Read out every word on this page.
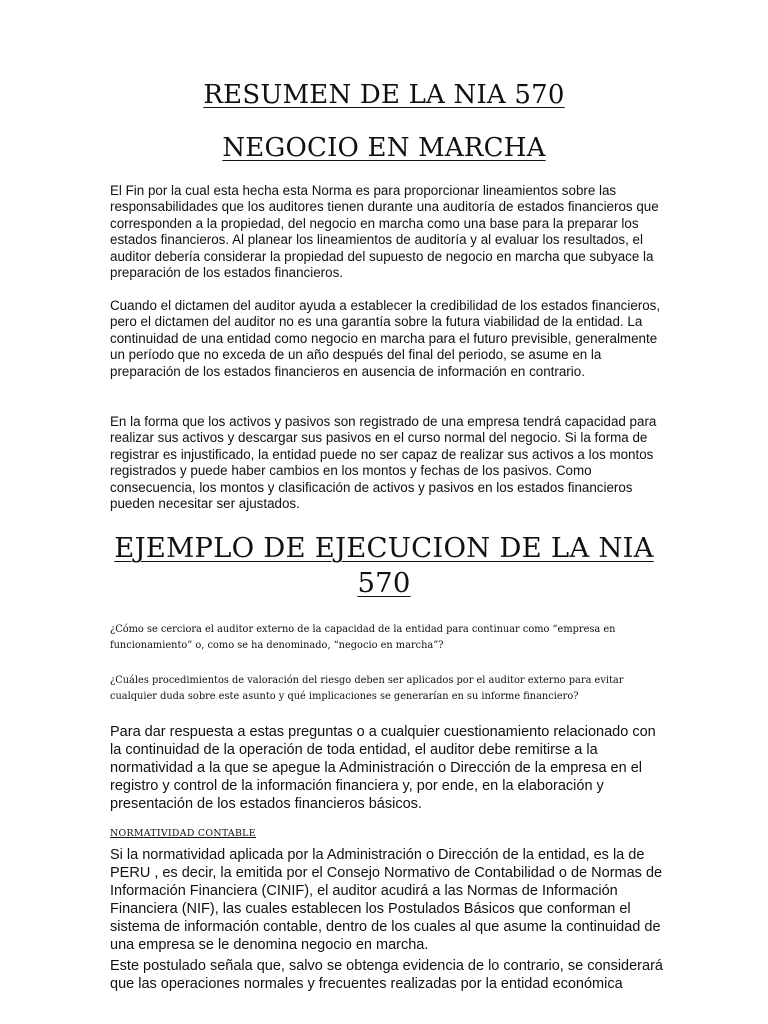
RESUMEN DE LA NIA 570
NEGOCIO EN MARCHA

El Fin por la cual esta hecha esta Norma es para proporcionar lineamientos sobre las responsabilidades que los auditores tienen durante una auditoría de estados financieros que corresponden a la propiedad, del negocio en marcha como una base para la preparar los estados financieros. Al planear los lineamientos de auditoría y al evaluar los resultados, el auditor debería considerar la propiedad del supuesto de negocio en marcha que subyace la preparación de los estados financieros.

Cuando el dictamen del auditor ayuda a establecer la credibilidad de los estados financieros, pero el dictamen del auditor no es una garantía sobre la futura viabilidad de la entidad. La continuidad de una entidad como negocio en marcha para el futuro previsible, generalmente un período que no exceda de un año después del final del periodo, se asume en la preparación de los estados financieros en ausencia de información en contrario.

En la forma que los activos y pasivos son registrado de una empresa tendrá capacidad para realizar sus activos y descargar sus pasivos en el curso normal del negocio. Si la forma de registrar es injustificado, la entidad puede no ser capaz de realizar sus activos a los montos registrados y puede haber cambios en los montos y fechas de los pasivos. Como consecuencia, los montos y clasificación de activos y pasivos en los estados financieros pueden necesitar ser ajustados.

EJEMPLO DE EJECUCION DE LA NIA
570

¿Cómo se cerciora el auditor externo de la capacidad de la entidad para continuar como “empresa en funcionamiento” o, como se ha denominado, “negocio en marcha”?

¿Cuáles procedimientos de valoración del riesgo deben ser aplicados por el auditor externo para evitar cualquier duda sobre este asunto y qué implicaciones se generarían en su informe financiero?

Para dar respuesta a estas preguntas o a cualquier cuestionamiento relacionado con la continuidad de la operación de toda entidad, el auditor debe remitirse a la normatividad a la que se apegue la Administración o Dirección de la empresa en el registro y control de la información financiera y, por ende, en la elaboración y presentación de los estados financieros básicos.

NORMATIVIDAD CONTABLE

Si la normatividad aplicada por la Administración o Dirección de la entidad, es la de PERU , es decir, la emitida por el Consejo Normativo de Contabilidad o de Normas de Información Financiera (CINIF), el auditor acudirá a las Normas de Información Financiera (NIF), las cuales establecen los Postulados Básicos que conforman el sistema de información contable, dentro de los cuales al que asume la continuidad de una empresa se le denomina negocio en marcha.

Este postulado señala que, salvo se obtenga evidencia de lo contrario, se considerará que las operaciones normales y frecuentes realizadas por la entidad económica
